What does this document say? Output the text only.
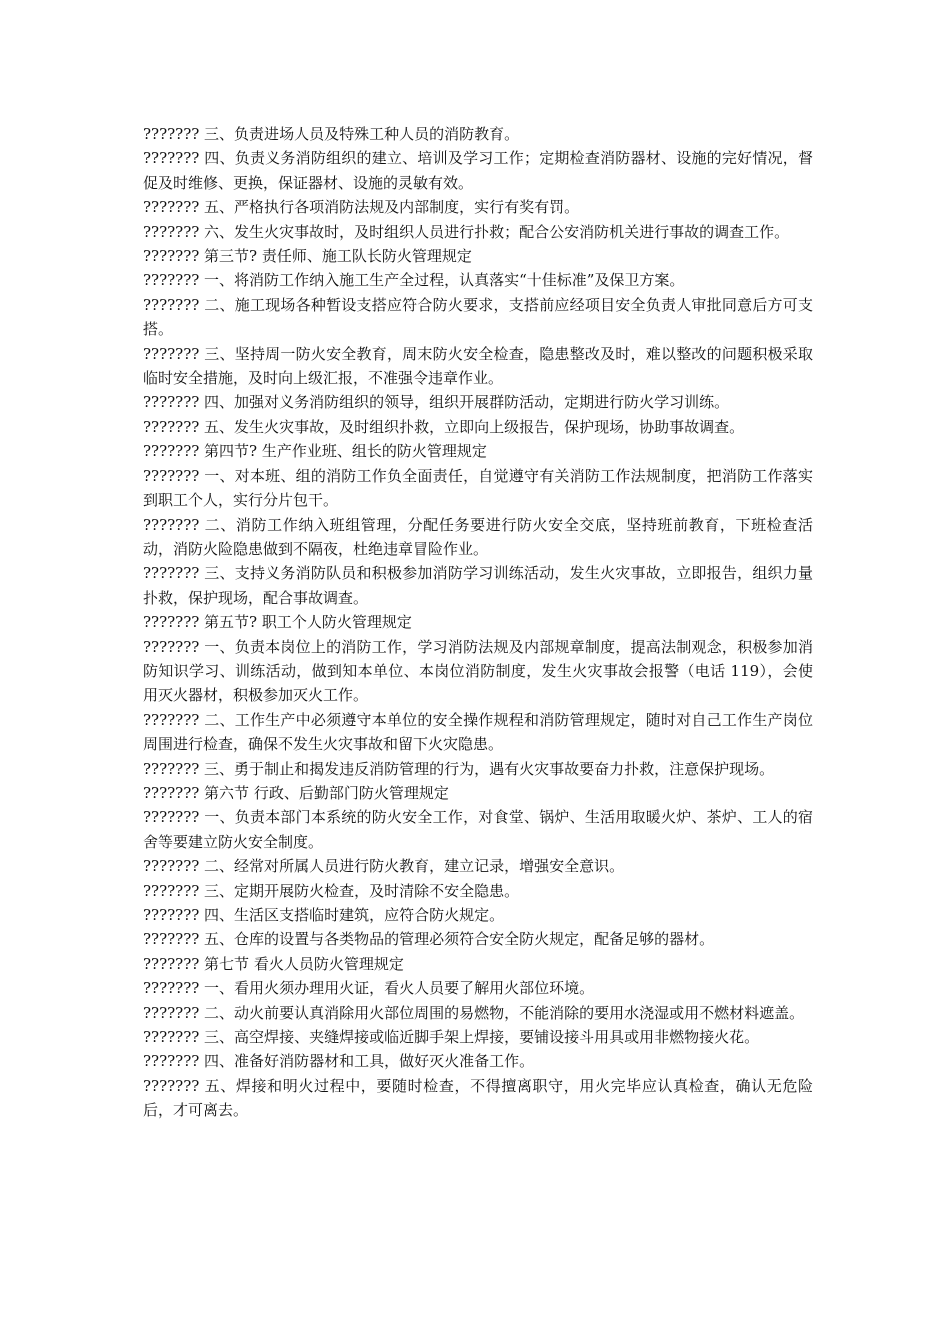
??????? 三、负责进场人员及特殊工种人员的消防教育。

??????? 四、负责义务消防组织的建立、培训及学习工作；定期检查消防器材、设施的完好情况，督促及时维修、更换，保证器材、设施的灵敏有效。

??????? 五、严格执行各项消防法规及内部制度，实行有奖有罚。

??????? 六、发生火灾事故时，及时组织人员进行扑救；配合公安消防机关进行事故的调查工作。

??????? 第三节? 责任师、施工队长防火管理规定

??????? 一、将消防工作纳入施工生产全过程，认真落实“十佳标准”及保卫方案。

??????? 二、施工现场各种暂设支搭应符合防火要求，支搭前应经项目安全负责人审批同意后方可支搭。

??????? 三、坚持周一防火安全教育，周末防火安全检查，隐患整改及时，难以整改的问题积极采取临时安全措施，及时向上级汇报，不准强令违章作业。

??????? 四、加强对义务消防组织的领导，组织开展群防活动，定期进行防火学习训练。

??????? 五、发生火灾事故，及时组织扑救，立即向上级报告，保护现场，协助事故调查。

??????? 第四节? 生产作业班、组长的防火管理规定

??????? 一、对本班、组的消防工作负全面责任，自觉遵守有关消防工作法规制度，把消防工作落实到职工个人，实行分片包干。

??????? 二、消防工作纳入班组管理，分配任务要进行防火安全交底，坚持班前教育，下班检查活动，消防火险隐患做到不隔夜，杜绝违章冒险作业。

??????? 三、支持义务消防队员和积极参加消防学习训练活动，发生火灾事故，立即报告，组织力量扑救，保护现场，配合事故调查。

??????? 第五节? 职工个人防火管理规定

??????? 一、负责本岗位上的消防工作，学习消防法规及内部规章制度，提高法制观念，积极参加消防知识学习、训练活动，做到知本单位、本岗位消防制度，发生火灾事故会报警（电话 119），会使用灭火器材，积极参加灭火工作。

??????? 二、工作生产中必须遵守本单位的安全操作规程和消防管理规定，随时对自己工作生产岗位周围进行检查，确保不发生火灾事故和留下火灾隐患。

??????? 三、勇于制止和揭发违反消防管理的行为，遇有火灾事故要奋力扑救，注意保护现场。

??????? 第六节 行政、后勤部门防火管理规定

??????? 一、负责本部门本系统的防火安全工作，对食堂、锅炉、生活用取暖火炉、茶炉、工人的宿舍等要建立防火安全制度。

??????? 二、经常对所属人员进行防火教育，建立记录，增强安全意识。

??????? 三、定期开展防火检查，及时清除不安全隐患。

??????? 四、生活区支搭临时建筑，应符合防火规定。

??????? 五、仓库的设置与各类物品的管理必须符合安全防火规定，配备足够的器材。

??????? 第七节 看火人员防火管理规定

??????? 一、看用火须办理用火证，看火人员要了解用火部位环境。

??????? 二、动火前要认真消除用火部位周围的易燃物，不能消除的要用水浇湿或用不燃材料遮盖。

??????? 三、高空焊接、夹缝焊接或临近脚手架上焊接，要铺设接斗用具或用非燃物接火花。

??????? 四、准备好消防器材和工具，做好灭火准备工作。

??????? 五、焊接和明火过程中，要随时检查，不得擅离职守，用火完毕应认真检查，确认无危险后，才可离去。
